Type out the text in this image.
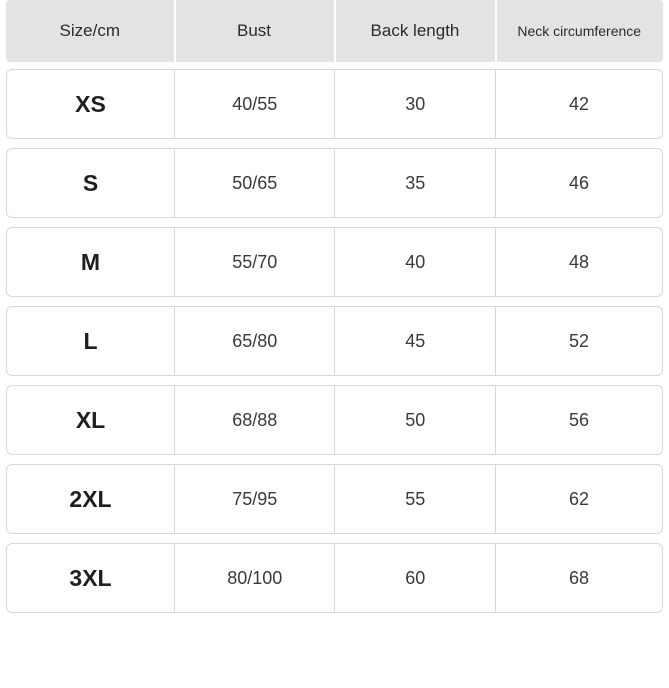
Size/cm	Bust	Back length	Neck circumference
XS	40/55	30	42
S	50/65	35	46
M	55/70	40	48
L	65/80	45	52
XL	68/88	50	56
2XL	75/95	55	62
3XL	80/100	60	68
